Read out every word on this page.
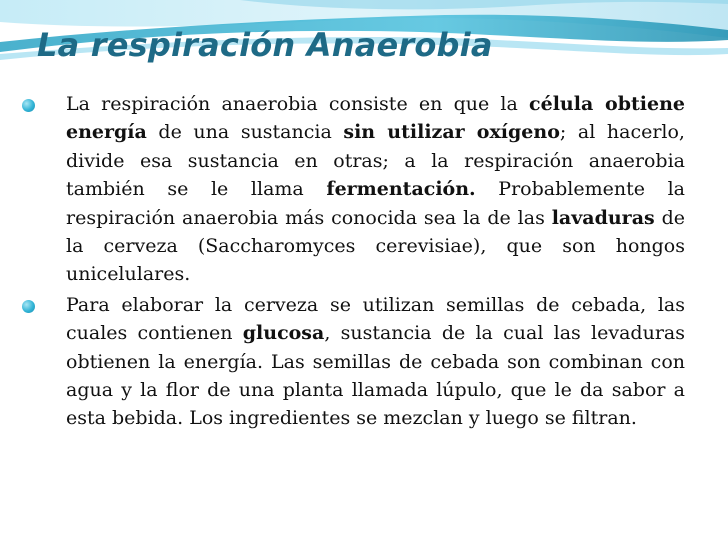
La respiración Anaerobia
La respiración anaerobia consiste en que la célula obtiene energía de una sustancia sin utilizar oxígeno; al hacerlo, divide esa sustancia en otras; a la respiración anaerobia también se le llama fermentación. Probablemente la respiración anaerobia más conocida sea la de las lavaduras de la cerveza (Saccharomyces cerevisiae), que son hongos unicelulares.
Para elaborar la cerveza se utilizan semillas de cebada, las cuales contienen glucosa, sustancia de la cual las levaduras obtienen la energía. Las semillas de cebada son combinan con agua y la flor de una planta llamada lúpulo, que le da sabor a esta bebida. Los ingredientes se mezclan y luego se filtran.
